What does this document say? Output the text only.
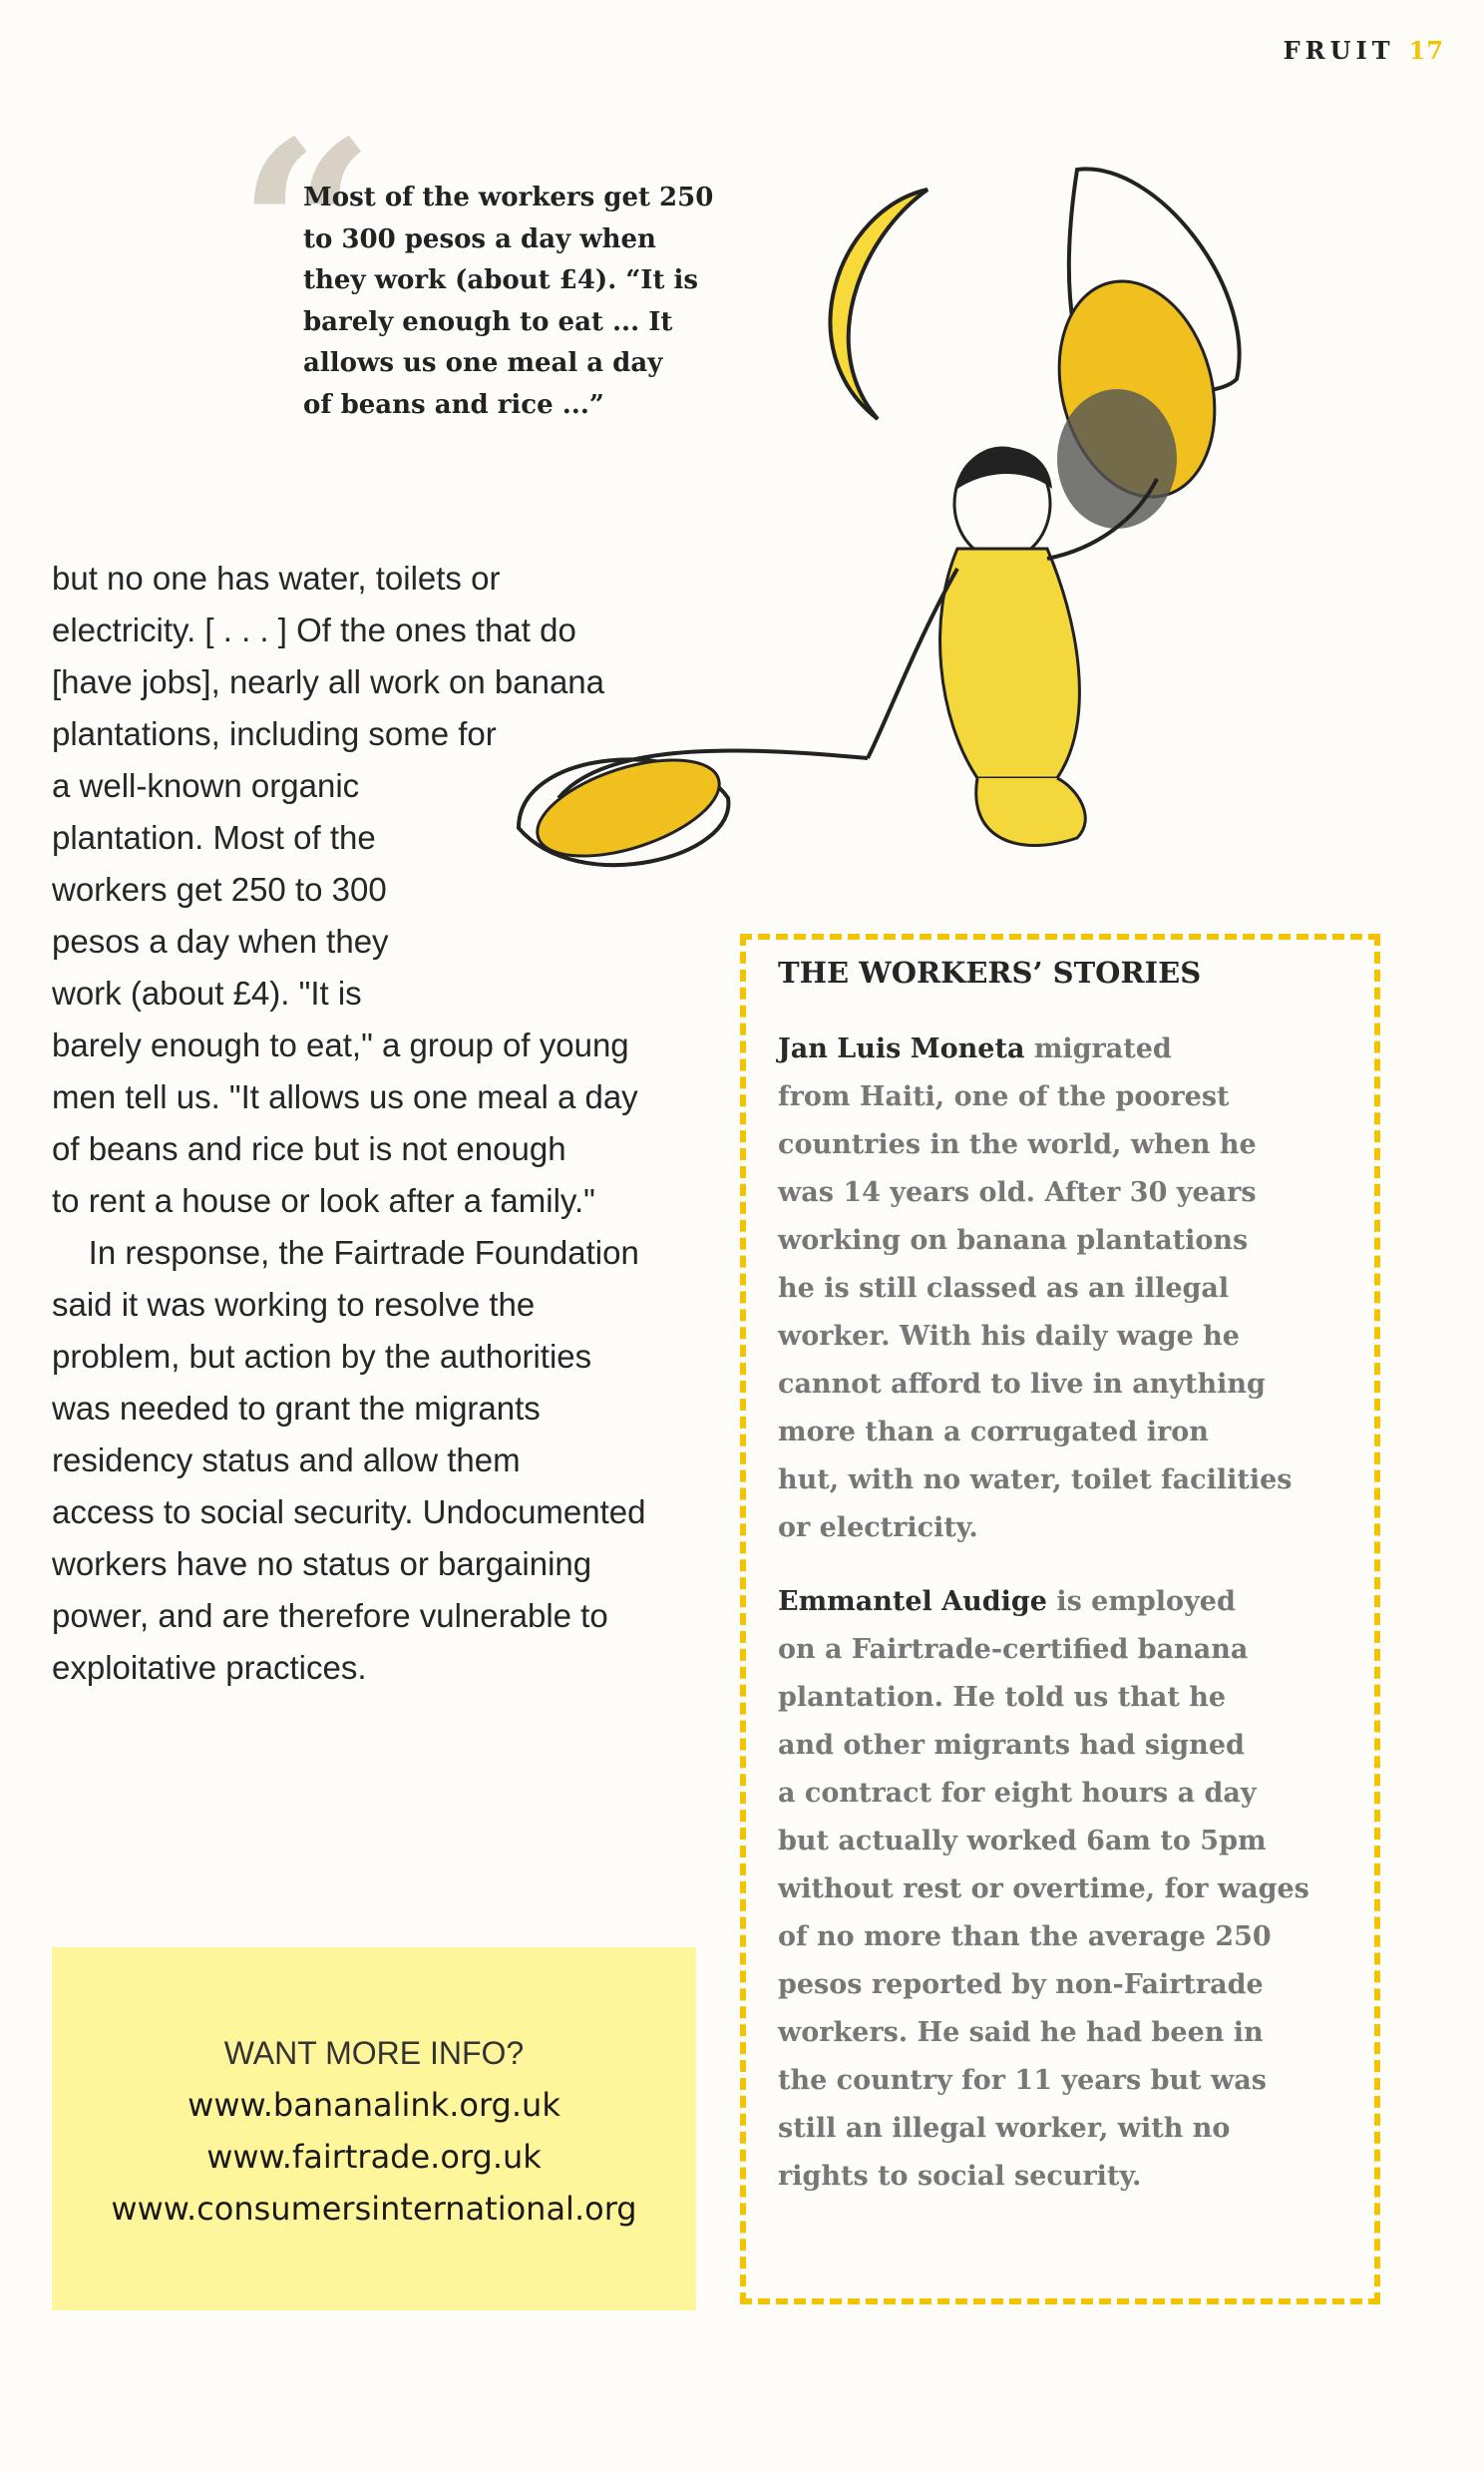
FRUIT 17
“

Most of the workers get 250

to 300 pesos a day when

they work (about £4). “It is

barely enough to eat ... It

allows us one meal a day

of beans and rice ...”

but no one has water, toilets or
electricity. [ . . . ] Of the ones that do
[have jobs], nearly all work on banana
plantations, including some for
a well-known organic
plantation. Most of the
workers get 250 to 300
pesos a day when they
work (about £4). "It is
barely enough to eat," a group of young
men tell us. "It allows us one meal a day
of beans and rice but is not enough
to rent a house or look after a family."
In response, the Fairtrade Foundation
said it was working to resolve the
problem, but action by the authorities
was needed to grant the migrants
residency status and allow them
access to social security. Undocumented
workers have no status or bargaining
power, and are therefore vulnerable to
exploitative practices.
THE WORKERS’ STORIES
Jan Luis Moneta migrated
from Haiti, one of the poorest
countries in the world, when he
was 14 years old. After 30 years
working on banana plantations
he is still classed as an illegal
worker. With his daily wage he
cannot afford to live in anything
more than a corrugated iron
hut, with no water, toilet facilities
or electricity.
Emmantel Audige is employed
on a Fairtrade-certified banana
plantation. He told us that he
and other migrants had signed
a contract for eight hours a day
but actually worked 6am to 5pm
without rest or overtime, for wages
of no more than the average 250
pesos reported by non-Fairtrade
workers. He said he had been in
the country for 11 years but was
still an illegal worker, with no
rights to social security.
WANT MORE INFO?
www.bananalink.org.uk
www.fairtrade.org.uk
www.consumersinternational.org
